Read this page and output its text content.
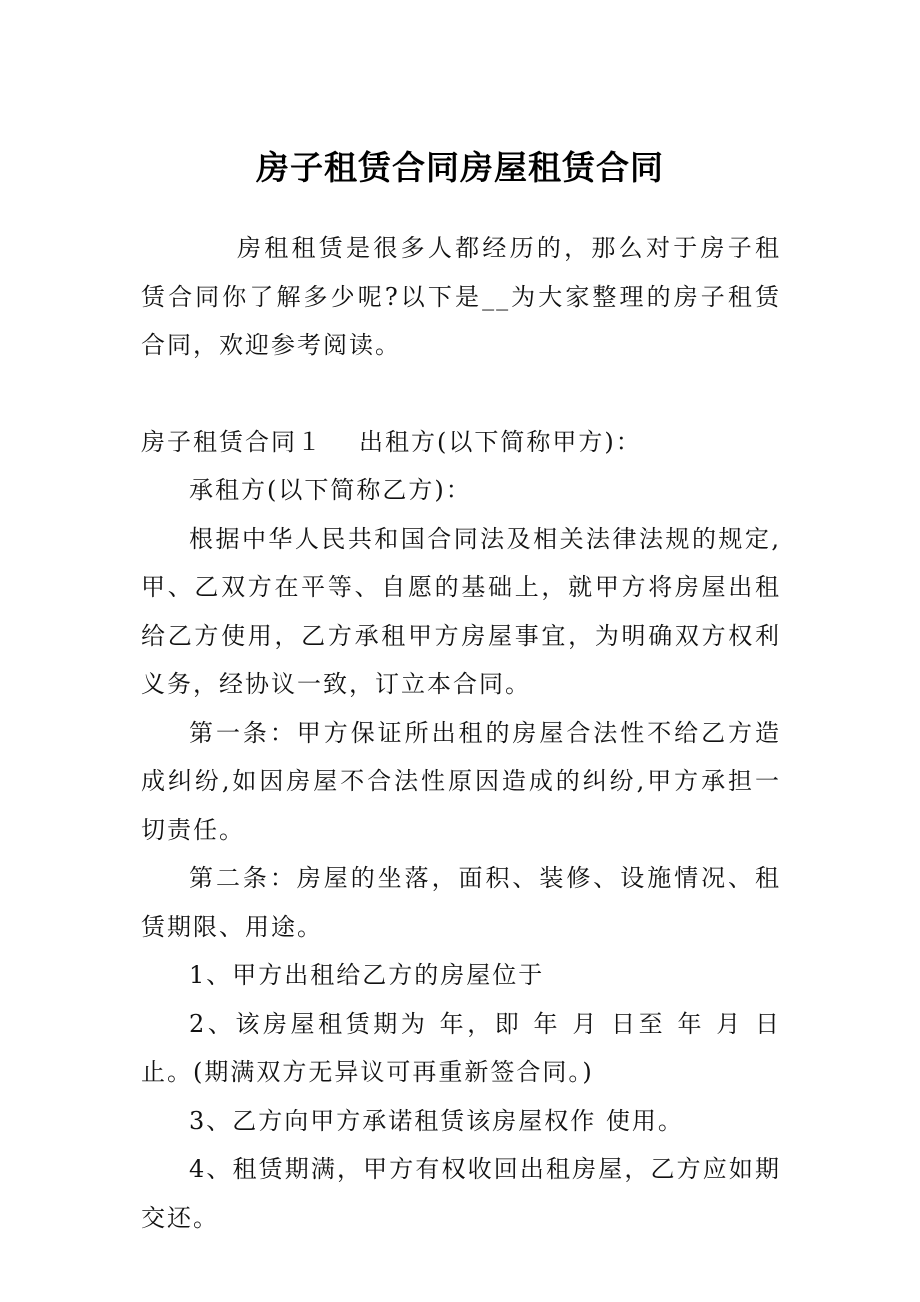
房子租赁合同房屋租赁合同

房租租赁是很多人都经历的，那么对于房子租赁合同你了解多少呢?以下是__为大家整理的房子租赁合同，欢迎参考阅读。

房子租赁合同１ 出租方(以下简称甲方)：

承租方(以下简称乙方)：

根据中华人民共和国合同法及相关法律法规的规定,甲、乙双方在平等、自愿的基础上，就甲方将房屋出租给乙方使用，乙方承租甲方房屋事宜，为明确双方权利义务，经协议一致，订立本合同。

第一条：甲方保证所出租的房屋合法性不给乙方造成纠纷,如因房屋不合法性原因造成的纠纷,甲方承担一切责任。

第二条：房屋的坐落，面积、装修、设施情况、租赁期限、用途。

1、甲方出租给乙方的房屋位于

2、该房屋租赁期为 年，即 年 月 日至 年 月 日止。(期满双方无异议可再重新签合同。)

3、乙方向甲方承诺租赁该房屋权作 使用。

4、租赁期满，甲方有权收回出租房屋，乙方应如期交还。
